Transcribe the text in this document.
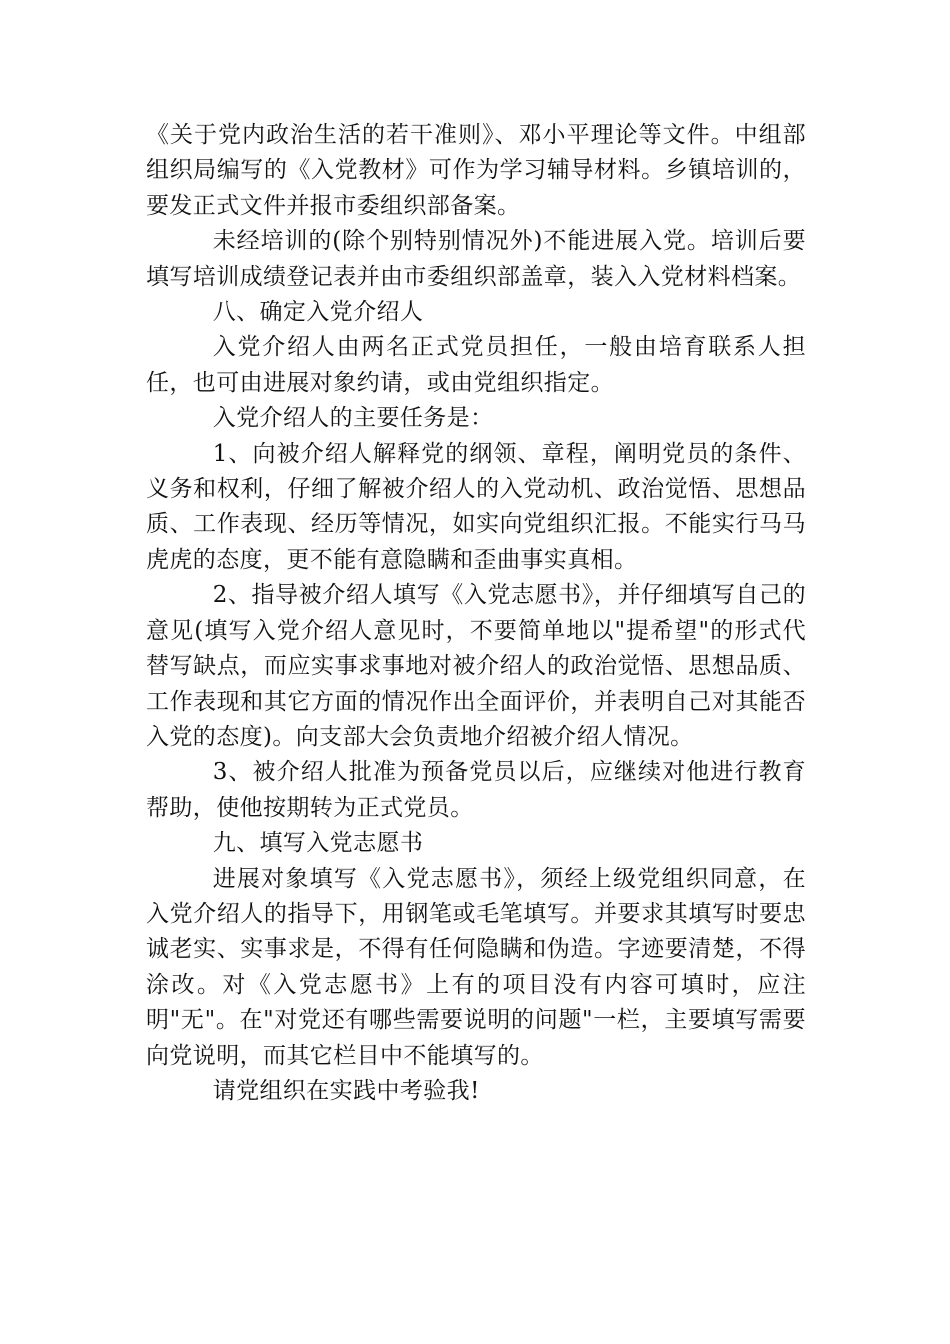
《关于党内政治生活的若干准则》、邓小平理论等文件。中组部组织局编写的《入党教材》可作为学习辅导材料。乡镇培训的，要发正式文件并报市委组织部备案。

未经培训的(除个别特别情况外)不能进展入党。培训后要填写培训成绩登记表并由市委组织部盖章，装入入党材料档案。

八、确定入党介绍人

入党介绍人由两名正式党员担任，一般由培育联系人担任，也可由进展对象约请，或由党组织指定。

入党介绍人的主要任务是：

1、向被介绍人解释党的纲领、章程，阐明党员的条件、义务和权利，仔细了解被介绍人的入党动机、政治觉悟、思想品质、工作表现、经历等情况，如实向党组织汇报。不能实行马马虎虎的态度，更不能有意隐瞒和歪曲事实真相。

2、指导被介绍人填写《入党志愿书》，并仔细填写自己的意见(填写入党介绍人意见时，不要简单地以"提希望"的形式代替写缺点，而应实事求事地对被介绍人的政治觉悟、思想品质、工作表现和其它方面的情况作出全面评价，并表明自己对其能否入党的态度)。向支部大会负责地介绍被介绍人情况。

3、被介绍人批准为预备党员以后，应继续对他进行教育帮助，使他按期转为正式党员。

九、填写入党志愿书

进展对象填写《入党志愿书》，须经上级党组织同意，在入党介绍人的指导下，用钢笔或毛笔填写。并要求其填写时要忠诚老实、实事求是，不得有任何隐瞒和伪造。字迹要清楚，不得涂改。对《入党志愿书》上有的项目没有内容可填时，应注明"无"。在"对党还有哪些需要说明的问题"一栏，主要填写需要向党说明，而其它栏目中不能填写的。

请党组织在实践中考验我!
